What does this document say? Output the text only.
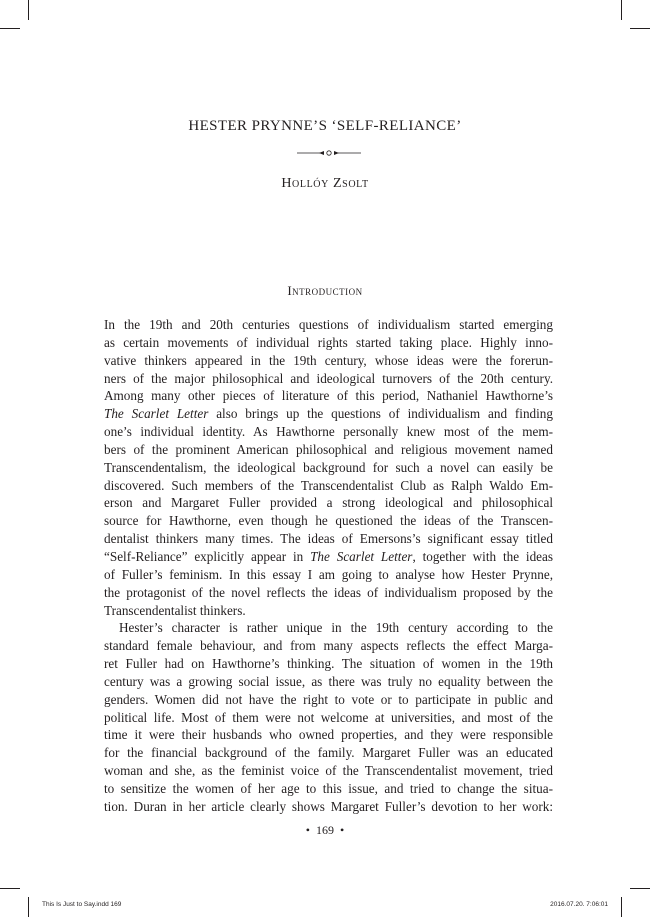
HESTER PRYNNE’S ‘SELF-RELIANCE’
Hollóy Zsolt
Introduction
In the 19th and 20th centuries questions of individualism started emerging
as certain movements of individual rights started taking place. Highly inno-
vative thinkers appeared in the 19th century, whose ideas were the forerun-
ners of the major philosophical and ideological turnovers of the 20th century.
Among many other pieces of literature of this period, Nathaniel Hawthorne’s
The Scarlet Letter also brings up the questions of individualism and finding
one’s individual identity. As Hawthorne personally knew most of the mem-
bers of the prominent American philosophical and religious movement named
Transcendentalism, the ideological background for such a novel can easily be
discovered. Such members of the Transcendentalist Club as Ralph Waldo Em-
erson and Margaret Fuller provided a strong ideological and philosophical
source for Hawthorne, even though he questioned the ideas of the Transcen-
dentalist thinkers many times. The ideas of Emersons’s significant essay titled
“Self-Reliance” explicitly appear in The Scarlet Letter, together with the ideas
of Fuller’s feminism. In this essay I am going to analyse how Hester Prynne,
the protagonist of the novel reflects the ideas of individualism proposed by the
Transcendentalist thinkers.
Hester’s character is rather unique in the 19th century according to the
standard female behaviour, and from many aspects reflects the effect Marga-
ret Fuller had on Hawthorne’s thinking. The situation of women in the 19th
century was a growing social issue, as there was truly no equality between the
genders. Women did not have the right to vote or to participate in public and
political life. Most of them were not welcome at universities, and most of the
time it were their husbands who owned properties, and they were responsible
for the financial background of the family. Margaret Fuller was an educated
woman and she, as the feminist voice of the Transcendentalist movement, tried
to sensitize the women of her age to this issue, and tried to change the situa-
tion. Duran in her article clearly shows Margaret Fuller’s devotion to her work:
• 169 •
This Is Just to Say.indd 169	2016.07.20. 7:06:01
